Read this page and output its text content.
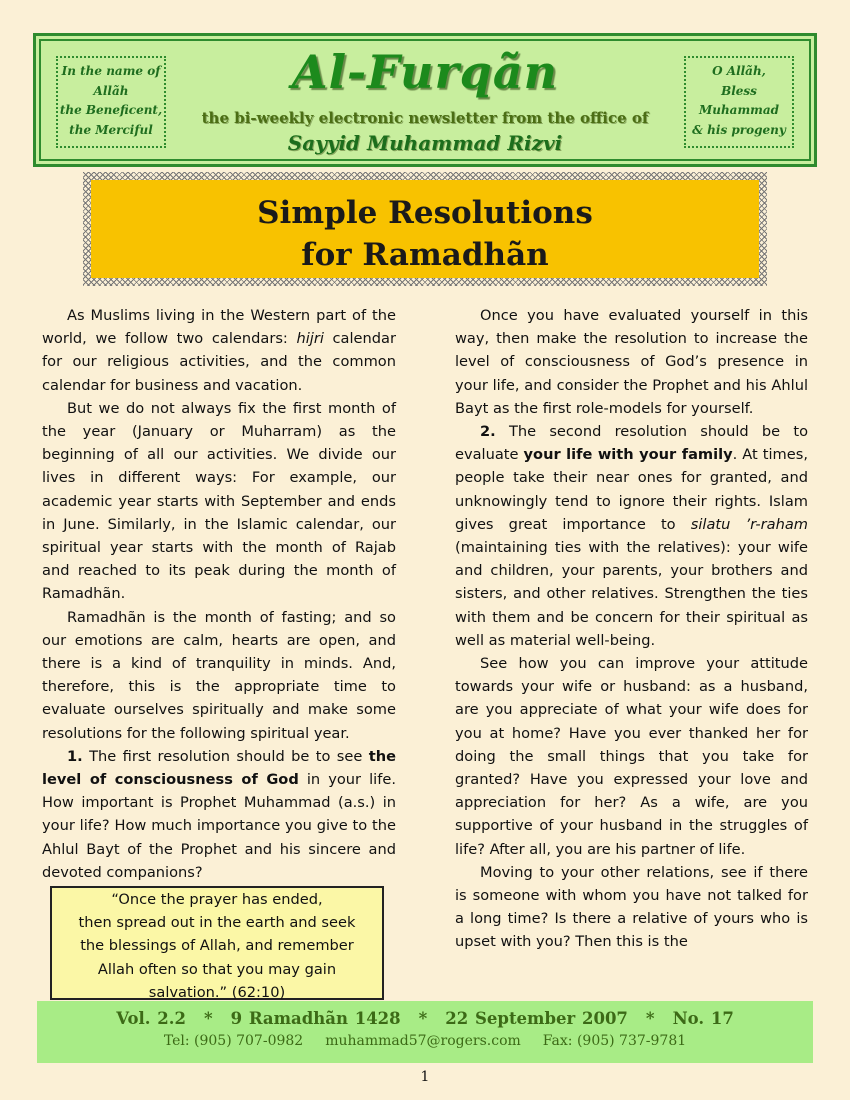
In the name of
Allãh
the Beneficent,
the Merciful
Al-Furqãn
the bi-weekly electronic newsletter from the office of
Sayyid Muhammad Rizvi
O Allãh,
Bless
Muhammad
& his progeny
Simple Resolutions
for Ramadhãn

As Muslims living in the Western part of the world, we follow two calendars: hijri calendar for our religious activities, and the common calendar for business and vacation.

But we do not always fix the first month of the year (January or Muharram) as the beginning of all our activities. We divide our lives in different ways: For example, our academic year starts with September and ends in June. Similarly, in the Islamic calendar, our spiritual year starts with the month of Rajab and reached to its peak during the month of Ramadhãn.

Ramadhãn is the month of fasting; and so our emotions are calm, hearts are open, and there is a kind of tranquility in minds. And, therefore, this is the appropriate time to evaluate ourselves spiritually and make some resolutions for the following spiritual year.

1. The first resolution should be to see the level of consciousness of God in your life. How important is Prophet Muhammad (a.s.) in your life? How much importance you give to the Ahlul Bayt of the Prophet and his sincere and devoted companions?

“Once the prayer has ended,
then spread out in the earth and seek
the blessings of Allah, and remember
Allah often so that you may gain
salvation.” (62:10)

Once you have evaluated yourself in this way, then make the resolution to increase the level of consciousness of God’s presence in your life, and consider the Prophet and his Ahlul Bayt as the first role-models for yourself.

2. The second resolution should be to evaluate your life with your family. At times, people take their near ones for granted, and unknowingly tend to ignore their rights. Islam gives great importance to silatu ’r-raham (maintaining ties with the relatives): your wife and children, your parents, your brothers and sisters, and other relatives. Strengthen the ties with them and be concern for their spiritual as well as material well-being.

See how you can improve your attitude towards your wife or husband: as a husband, are you appreciate of what your wife does for you at home? Have you ever thanked her for doing the small things that you take for granted? Have you expressed your love and appreciation for her? As a wife, are you supportive of your husband in the struggles of life? After all, you are his partner of life.

Moving to your other relations, see if there is someone with whom you have not talked for a long time? Is there a relative of yours who is upset with you? Then this is the

Vol. 2.2 * 9 Ramadhãn 1428 * 22 September 2007 * No. 17
Tel: (905) 707-0982 muhammad57@rogers.com Fax: (905) 737-9781
1
